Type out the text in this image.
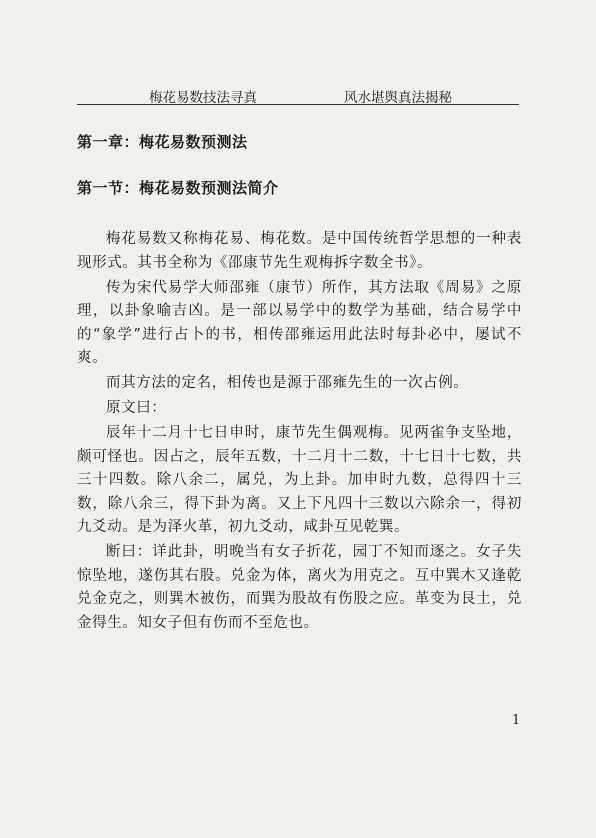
梅花易数技法寻真	风水堪舆真法揭秘
第一章：梅花易数预测法
第一节：梅花易数预测法简介

梅花易数又称梅花易、梅花数。是中国传统哲学思想的一种表现形式。其书全称为《邵康节先生观梅拆字数全书》。

传为宋代易学大师邵雍（康节）所作，其方法取《周易》之原理，以卦象喻吉凶。是一部以易学中的数学为基础，结合易学中的“象学”进行占卜的书，相传邵雍运用此法时每卦必中，屡试不爽。

而其方法的定名，相传也是源于邵雍先生的一次占例。

原文曰：

辰年十二月十七日申时，康节先生偶观梅。见两雀争支坠地，颇可怪也。因占之，辰年五数，十二月十二数，十七日十七数，共三十四数。除八余二，属兑，为上卦。加申时九数，总得四十三数，除八余三，得下卦为离。又上下凡四十三数以六除余一，得初九爻动。是为泽火革，初九爻动，咸卦互见乾巽。

断曰：详此卦，明晚当有女子折花，园丁不知而逐之。女子失惊坠地，遂伤其右股。兑金为体，离火为用克之。互中巽木又逢乾兑金克之，则巽木被伤，而巽为股故有伤股之应。革变为艮土，兑金得生。知女子但有伤而不至危也。

1
